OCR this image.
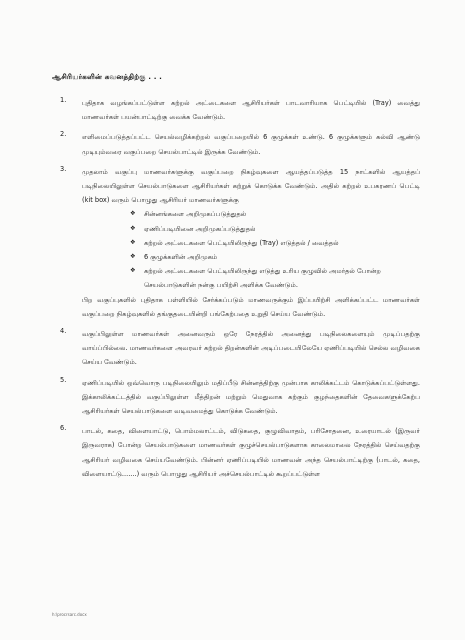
ஆசிரியர்களின் கவனத்திற்கு . . .
1. புதிதாக வழங்கப்பட்டுள்ள கற்றல் அட்டைகளை ஆசிரியர்கள் பாடவாரியாக பெட்டியில் (Tray) வைத்து மாணவர்கள் பயன்பாட்டிற்கு வைக்க வேண்டும்.
2. எளிமைப்படுத்தப்பட்ட செயல்வழிக்கற்றல் வகுப்பறையில் 6 குழுக்கள் உண்டு. 6 குழுக்களும் கல்வி ஆண்டு முடியும்வரை வகுப்பறை செயல்பாட்டில் இருக்க வேண்டும்.
3. முதலாம் வகுப்பு மாணவர்களுக்கு வகுப்பறை நிகழ்வுகளை ஆயத்தப்படுத்த 15 நாட்களில் ஆயத்தப் படிநிலையிலுள்ள செயல்பாடுகளை ஆசிரியர்கள் கற்றுக் கொடுக்க வேண்டும். அதில் கற்றல் உபகரணப் பெட்டி (kit box) வரும் பொழுது ஆசிரியர் மாணவர்களுக்கு
❖ சின்னங்களை அறிமுகப்படுத்துதல்
❖ ஏணிப்படியினை அறிமுகப்படுத்துதல்
❖ கற்றல் அட்டைகளை பெட்டியிலிருந்து (Tray) எடுத்தல் / வைத்தல்
❖ 6 குழுக்களின் அறிமுகம்
❖ கற்றல் அட்டைகளை பெட்டியிலிருந்து எடுத்து உரிய குழுவில் அமர்தல் போன்ற செயல்பாடுகளின் நன்கு பயிற்சி அளிக்க வேண்டும்.
பிற வகுப்புகளில் புதிதாக பள்ளியில் சேர்க்கப்படும் மாணவருக்கும் இப்பயிற்சி அளிக்கப்பட்ட மாணவர்கள் வகுப்பறை நிகழ்வுகளில் தங்குதடையின்றி பங்கேற்பதை உறுதி செய்ய வேண்டும்.
4. வகுப்பிலுள்ள மாணவர்கள் அனைவரும் ஒரே நேரத்தில் அனைத்து படிநிலைகளையும் முடிப்பதற்கு வாய்ப்பில்லை. மாணவர்களை அவரவர் கற்றல் திறன்களின் அடிப்படையிலேயே ஏணிப்படியில் செல்ல வழிவகை செய்ய வேண்டும்.
5. ஏணிப்படியில் ஒவ்வொரு படிநிலையிலும் மதிப்பீடு சின்னத்திற்கு முன்பாக காலிக்கட்டம் கொடுக்கப்பட்டுள்ளது. இக்காலிக்கட்டத்தில் வகுப்பிலுள்ள மீத்திறன் மற்றும் மெதுவாக கற்கும் குழந்தைகளின் தேவைகளுக்கேற்ப ஆசிரியர்கள் செயல்பாடுகளை வடிவமைத்து கொடுக்க வேண்டும்.
6. பாடல், கதை, விளையாட்டு, பொம்மலாட்டம், விடுகதை, குழுவிவாதம், பரிசோதனை, உரையாடல் (இருவர் இருவராக) போன்ற செயல்பாடுகளை மாணவர்கள் குழுச்செயல்பாடுகளாக காலைமாலை நேரத்தில் செய்வதற்கு ஆசிரியர் வழிவகை செய்யவேண்டும். பின்னர் ஏணிப்படியில் மாணவன் அந்த செயல்பாட்டிற்கு (பாடல், கதை, விளையாட்டு.......) வரும் பொழுது ஆசிரியர் அச்செயல்பாட்டில் கூறப்பட்டுள்ள
h:\procrsarc.docx
